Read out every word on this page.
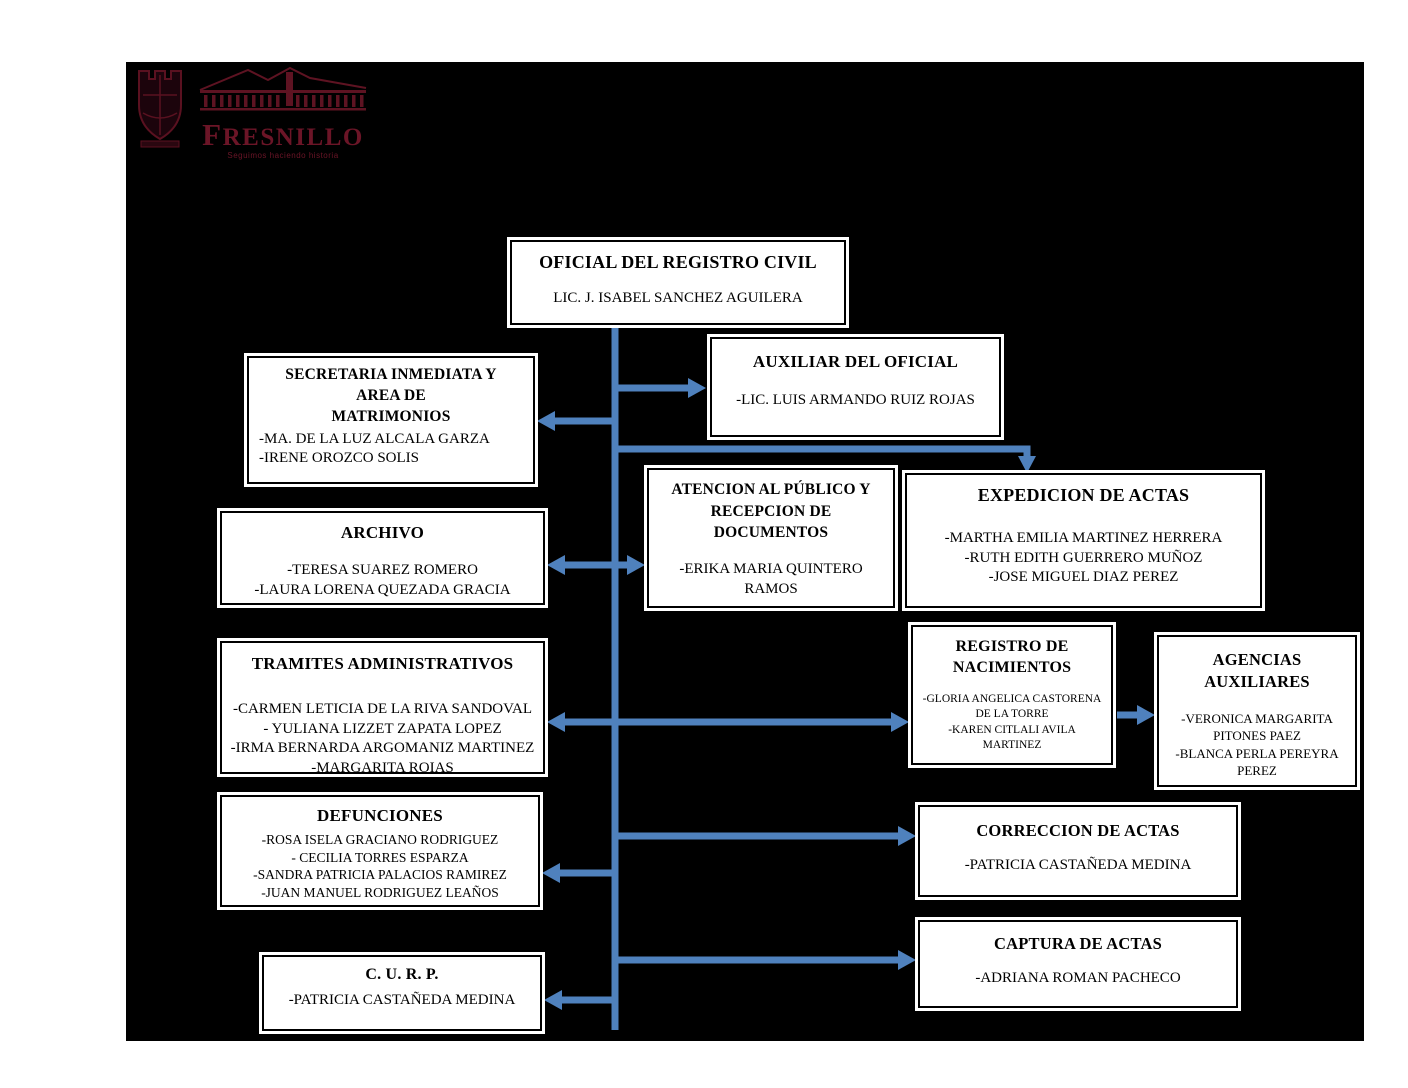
FRESNILLO
Seguimos haciendo historia
OFICIAL DEL REGISTRO CIVIL
LIC. J. ISABEL SANCHEZ AGUILERA
AUXILIAR DEL OFICIAL
-LIC. LUIS ARMANDO RUIZ ROJAS
SECRETARIA INMEDIATA Y
AREA DE
MATRIMONIOS
-MA. DE LA LUZ ALCALA GARZA
-IRENE OROZCO SOLIS
ATENCION AL PÚBLICO Y
RECEPCION DE
DOCUMENTOS
-ERIKA MARIA QUINTERO
RAMOS
EXPEDICION DE ACTAS
-MARTHA EMILIA MARTINEZ HERRERA
-RUTH EDITH GUERRERO MUÑOZ
-JOSE MIGUEL DIAZ PEREZ
ARCHIVO
-TERESA SUAREZ ROMERO
-LAURA LORENA QUEZADA GRACIA
TRAMITES ADMINISTRATIVOS
-CARMEN LETICIA DE LA RIVA SANDOVAL
- YULIANA LIZZET ZAPATA LOPEZ
-IRMA BERNARDA ARGOMANIZ MARTINEZ
-MARGARITA ROIAS
REGISTRO DE
NACIMIENTOS
-GLORIA ANGELICA CASTORENA
DE LA TORRE
-KAREN CITLALI AVILA
MARTINEZ
AGENCIAS
AUXILIARES
-VERONICA MARGARITA
PITONES PAEZ
-BLANCA PERLA PEREYRA
PEREZ
DEFUNCIONES
-ROSA ISELA GRACIANO RODRIGUEZ
- CECILIA TORRES ESPARZA
-SANDRA PATRICIA PALACIOS RAMIREZ
-JUAN MANUEL RODRIGUEZ LEAÑOS
CORRECCION DE ACTAS
-PATRICIA CASTAÑEDA MEDINA
CAPTURA DE ACTAS
-ADRIANA ROMAN PACHECO
C. U. R. P.
-PATRICIA CASTAÑEDA MEDINA
